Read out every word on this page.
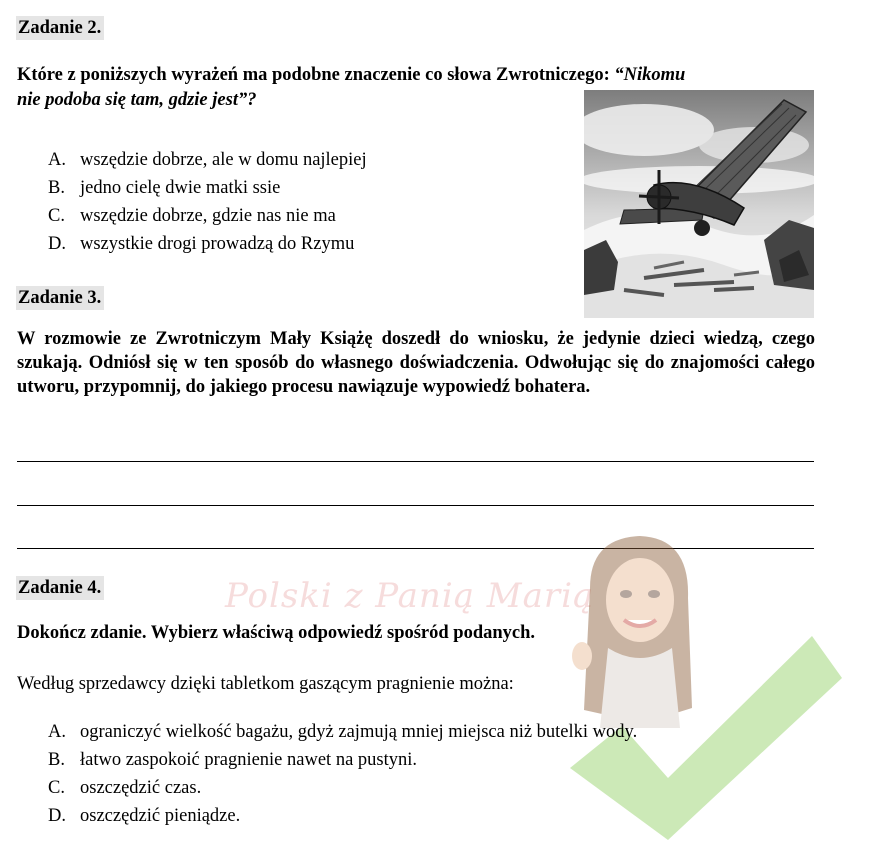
Zadanie 2.
Które z poniższych wyrażeń ma podobne znaczenie co słowa Zwrotniczego: “Nikomu
nie podoba się tam, gdzie jest”?
A. wszędzie dobrze, ale w domu najlepiej
B. jedno cielę dwie matki ssie
C. wszędzie dobrze, gdzie nas nie ma
D. wszystkie drogi prowadzą do Rzymu
Zadanie 3.
W rozmowie ze Zwrotniczym Mały Książę doszedł do wniosku, że jedynie dzieci wiedzą, czego szukają. Odniósł się w ten sposób do własnego doświadczenia. Odwołując się do znajomości całego utworu, przypomnij, do jakiego procesu nawiązuje wypowiedź bohatera.
Polski z Panią Marią
Zadanie 4.
Dokończ zdanie. Wybierz właściwą odpowiedź spośród podanych.
Według sprzedawcy dzięki tabletkom gaszącym pragnienie można:
A. ograniczyć wielkość bagażu, gdyż zajmują mniej miejsca niż butelki wody.
B. łatwo zaspokoić pragnienie nawet na pustyni.
C. oszczędzić czas.
D. oszczędzić pieniądze.
